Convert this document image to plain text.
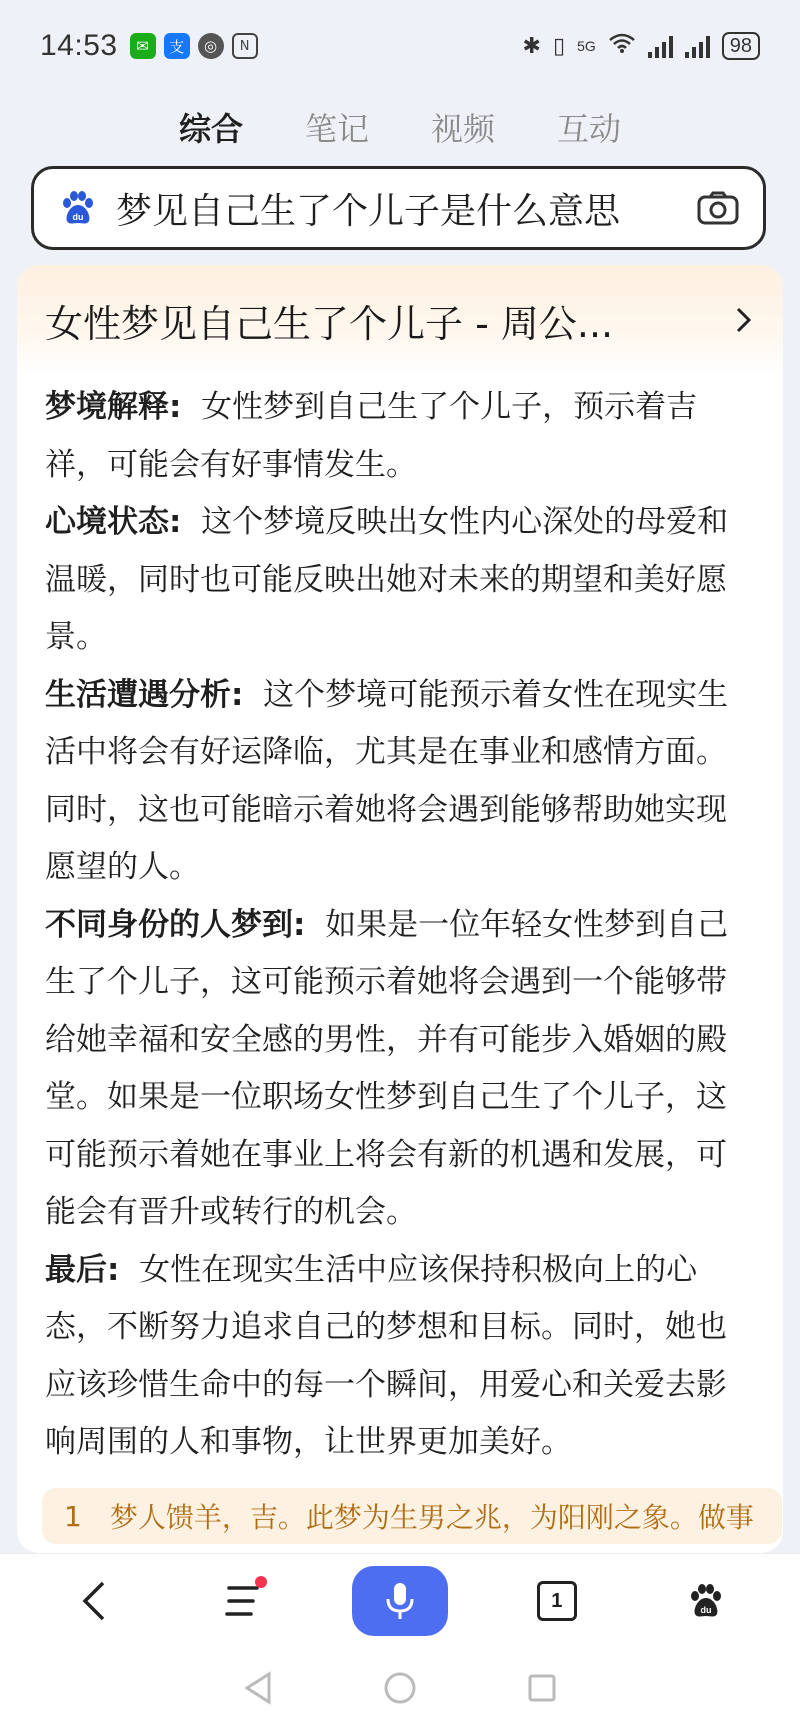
14:53	✉	支	◎	N	✱ ▯ 5G	98
综合 笔记 视频 互动
du 梦见自己生了个儿子是什么意思
女性梦见自己生了个儿子 - 周公...

梦境解释: 女性梦到自己生了个儿子，预示着吉祥，可能会有好事情发生。

心境状态: 这个梦境反映出女性内心深处的母爱和温暖，同时也可能反映出她对未来的期望和美好愿景。

生活遭遇分析: 这个梦境可能预示着女性在现实生活中将会有好运降临，尤其是在事业和感情方面。同时，这也可能暗示着她将会遇到能够帮助她实现愿望的人。

不同身份的人梦到: 如果是一位年轻女性梦到自己生了个儿子，这可能预示着她将会遇到一个能够带给她幸福和安全感的男性，并有可能步入婚姻的殿堂。如果是一位职场女性梦到自己生了个儿子，这可能预示着她在事业上将会有新的机遇和发展，可能会有晋升或转行的机会。

最后: 女性在现实生活中应该保持积极向上的心态，不断努力追求自己的梦想和目标。同时，她也应该珍惜生命中的每一个瞬间，用爱心和关爱去影响周围的人和事物，让世界更加美好。

1 梦人馈羊，吉。此梦为生男之兆，为阳刚之象。做事
1	du
